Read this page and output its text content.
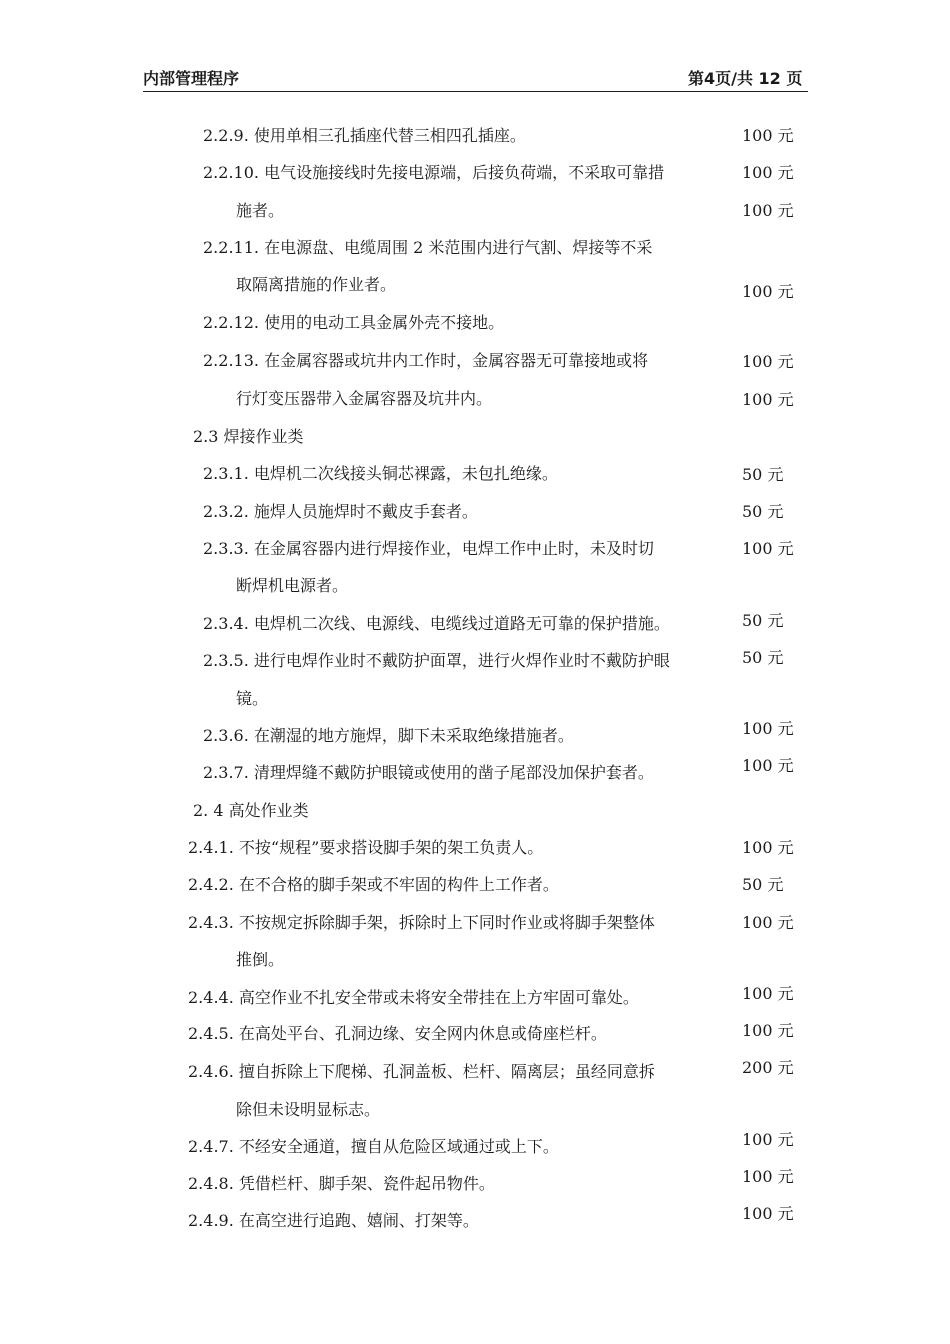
内部管理程序	第4页/共 12 页
2.2.9. 使用单相三孔插座代替三相四孔插座。
2.2.10. 电气设施接线时先接电源端，后接负荷端，不采取可靠措
施者。
2.2.11. 在电源盘、电缆周围 2 米范围内进行气割、焊接等不采
取隔离措施的作业者。
2.2.12. 使用的电动工具金属外壳不接地。
2.2.13. 在金属容器或坑井内工作时，金属容器无可靠接地或将
行灯变压器带入金属容器及坑井内。
2.3 焊接作业类
2.3.1. 电焊机二次线接头铜芯裸露，未包扎绝缘。
2.3.2. 施焊人员施焊时不戴皮手套者。
2.3.3. 在金属容器内进行焊接作业，电焊工作中止时，未及时切
断焊机电源者。
2.3.4. 电焊机二次线、电源线、电缆线过道路无可靠的保护措施。
2.3.5. 进行电焊作业时不戴防护面罩，进行火焊作业时不戴防护眼
镜。
2.3.6. 在潮湿的地方施焊，脚下未采取绝缘措施者。
2.3.7. 清理焊缝不戴防护眼镜或使用的凿子尾部没加保护套者。
2. 4 高处作业类
2.4.1. 不按“规程”要求搭设脚手架的架工负责人。
2.4.2. 在不合格的脚手架或不牢固的构件上工作者。
2.4.3. 不按规定拆除脚手架，拆除时上下同时作业或将脚手架整体
推倒。
2.4.4. 高空作业不扎安全带或未将安全带挂在上方牢固可靠处。
2.4.5. 在高处平台、孔洞边缘、安全网内休息或倚座栏杆。
2.4.6. 擅自拆除上下爬梯、孔洞盖板、栏杆、隔离层；虽经同意拆
除但未设明显标志。
2.4.7. 不经安全通道，擅自从危险区域通过或上下。
2.4.8. 凭借栏杆、脚手架、瓷件起吊物件。
2.4.9. 在高空进行追跑、嬉闹、打架等。
100 元
100 元
100 元
100 元
100 元
100 元
50 元
50 元
100 元
50 元
50 元
100 元
100 元
100 元
50 元
100 元
100 元
100 元
200 元
100 元
100 元
100 元
